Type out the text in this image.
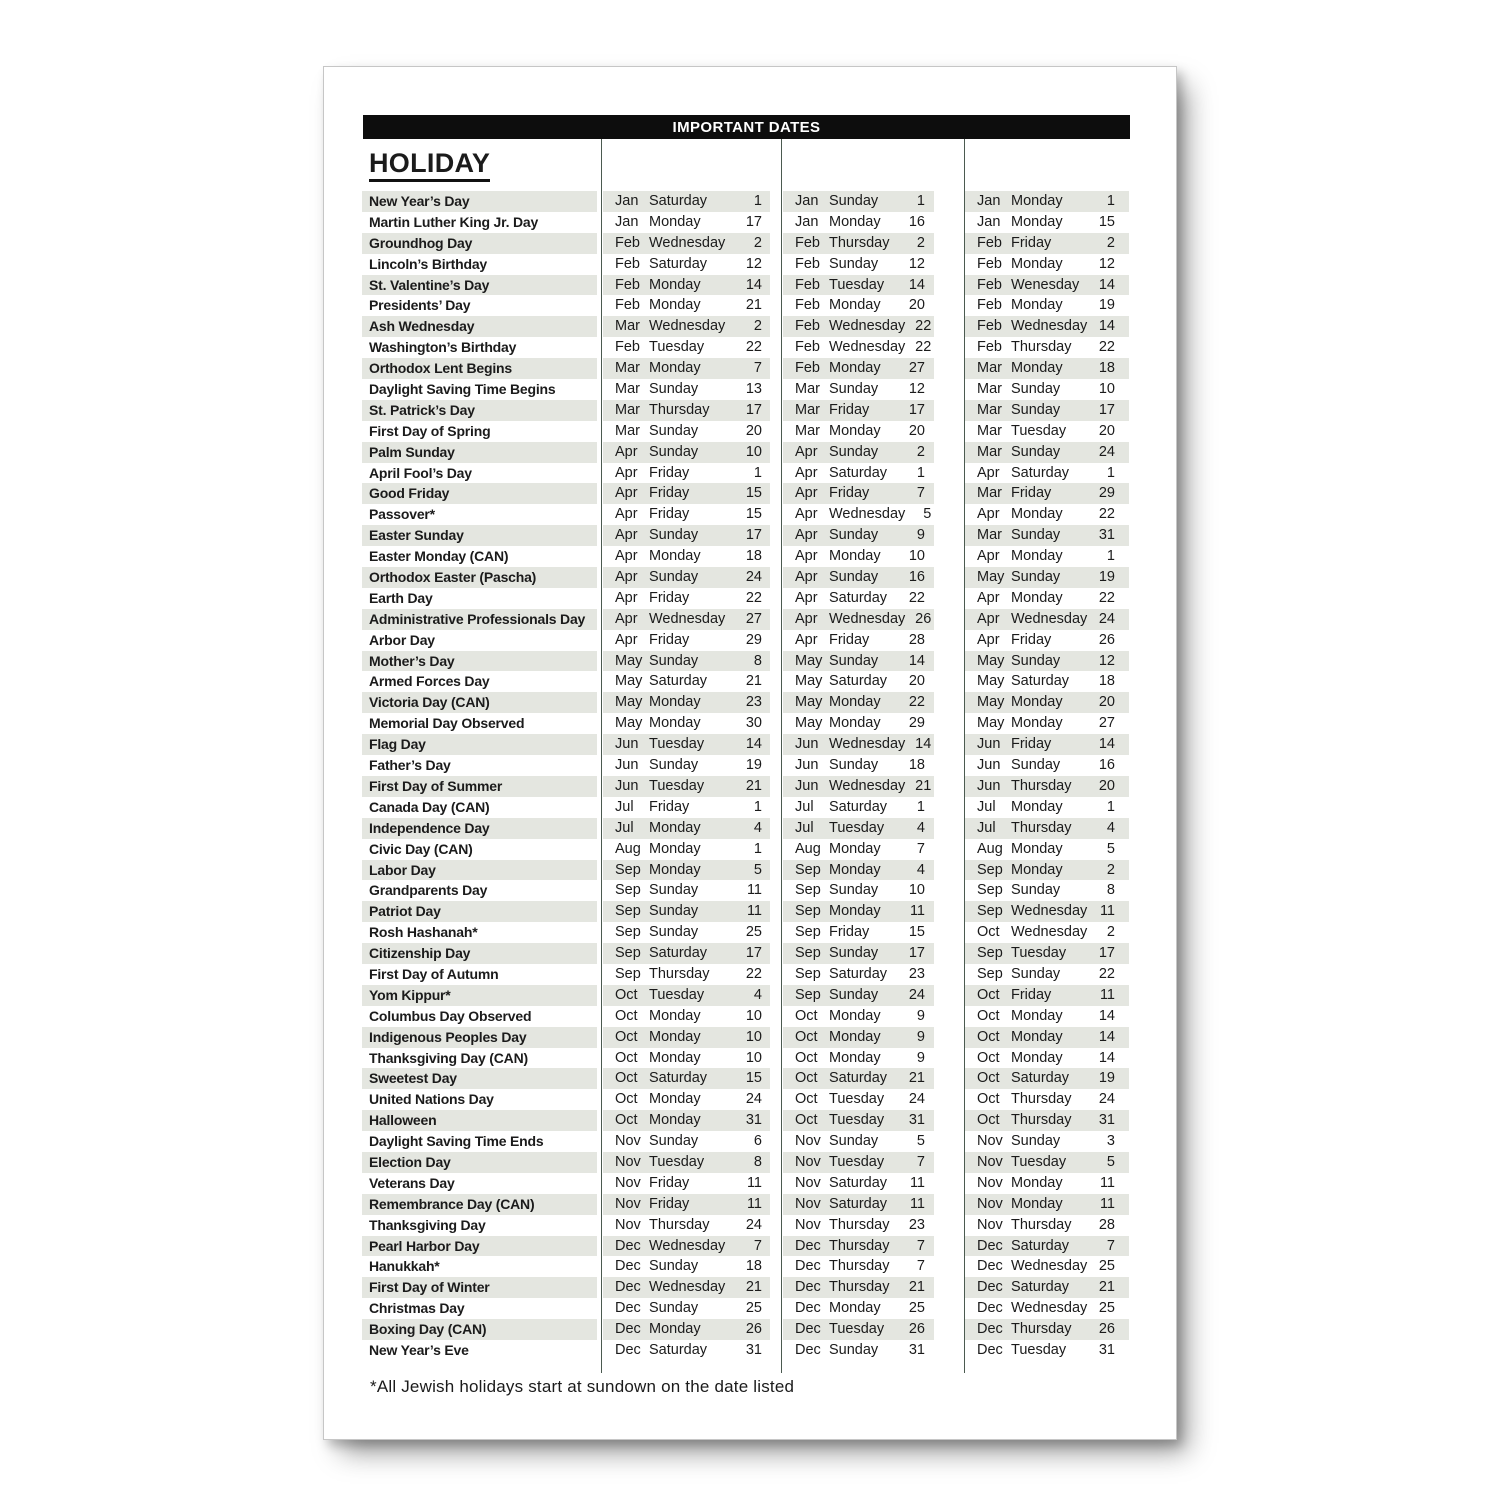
IMPORTANT DATES
HOLIDAY
New Year’s Day	Jan Saturday	1 Jan Sunday	1	Jan Monday	1
Martin Luther King Jr. Day	Jan Monday	17 Jan Monday	16	Jan Monday	15
Groundhog Day	Feb Wednesday	2 Feb Thursday	2	Feb Friday	2
Lincoln’s Birthday	Feb Saturday	12 Feb Sunday	12	Feb Monday	12
St. Valentine’s Day	Feb Monday	14 Feb Tuesday	14	Feb Wenesday	14
Presidents’ Day	Feb Monday	21 Feb Monday	20	Feb Monday	19
Ash Wednesday	Mar Wednesday	2 Feb Wednesday 22	Feb Wednesday 14
Washington’s Birthday	Feb Tuesday	22 Feb Wednesday 22	Feb Thursday	22
Orthodox Lent Begins	Mar Monday	7 Feb Monday	27	Mar Monday	18
Daylight Saving Time Begins	Mar Sunday	13 Mar Sunday	12	Mar Sunday	10
St. Patrick’s Day	Mar Thursday	17 Mar Friday	17	Mar Sunday	17
First Day of Spring	Mar Sunday	20 Mar Monday	20	Mar Tuesday	20
Palm Sunday	Apr Sunday	10 Apr Sunday	2	Mar Sunday	24
April Fool’s Day	Apr Friday	1 Apr Saturday	1	Apr Saturday	1
Good Friday	Apr Friday	15 Apr Friday	7	Mar Friday	29
Passover*	Apr Friday	15 Apr Wednesday	5	Apr Monday	22
Easter Sunday	Apr Sunday	17 Apr Sunday	9	Mar Sunday	31
Easter Monday (CAN)	Apr Monday	18 Apr Monday	10	Apr Monday	1
Orthodox Easter (Pascha)	Apr Sunday	24 Apr Sunday	16	May Sunday	19
Earth Day	Apr Friday	22 Apr Saturday	22	Apr Monday	22
Administrative Professionals Day	Apr Wednesday	27 Apr Wednesday 26	Apr Wednesday 24
Arbor Day	Apr Friday	29 Apr Friday	28	Apr Friday	26
Mother’s Day	May Sunday	8 May Sunday	14	May Sunday	12
Armed Forces Day	May Saturday	21 May Saturday	20	May Saturday	18
Victoria Day (CAN)	May Monday	23 May Monday	22	May Monday	20
Memorial Day Observed	May Monday	30 May Monday	29	May Monday	27
Flag Day	Jun Tuesday	14 Jun Wednesday 14	Jun Friday	14
Father’s Day	Jun Sunday	19 Jun Sunday	18	Jun Sunday	16
First Day of Summer	Jun Tuesday	21 Jun Wednesday 21	Jun Thursday	20
Canada Day (CAN)	Jul	Friday	1 Jul	Saturday	1	Jul	Monday	1
Independence Day	Jul	Monday	4 Jul	Tuesday	4	Jul	Thursday	4
Civic Day (CAN)	Aug Monday	1 Aug Monday	7	Aug Monday	5
Labor Day	Sep Monday	5 Sep Monday	4	Sep Monday	2
Grandparents Day	Sep Sunday	11 Sep Sunday	10	Sep Sunday	8
Patriot Day	Sep Sunday	11 Sep Monday	11	Sep Wednesday 11
Rosh Hashanah*	Sep Sunday	25 Sep Friday	15	Oct Wednesday	2
Citizenship Day	Sep Saturday	17 Sep Sunday	17	Sep Tuesday	17
First Day of Autumn	Sep Thursday	22 Sep Saturday	23	Sep Sunday	22
Yom Kippur*	Oct Tuesday	4 Sep Sunday	24	Oct Friday	11
Columbus Day Observed	Oct Monday	10 Oct Monday	9	Oct Monday	14
Indigenous Peoples Day	Oct Monday	10 Oct Monday	9	Oct Monday	14
Thanksgiving Day (CAN)	Oct Monday	10 Oct Monday	9	Oct Monday	14
Sweetest Day	Oct Saturday	15 Oct Saturday	21	Oct Saturday	19
United Nations Day	Oct Monday	24 Oct Tuesday	24	Oct Thursday	24
Halloween	Oct Monday	31 Oct Tuesday	31	Oct Thursday	31
Daylight Saving Time Ends	Nov Sunday	6 Nov Sunday	5	Nov Sunday	3
Election Day	Nov Tuesday	8 Nov Tuesday	7	Nov Tuesday	5
Veterans Day	Nov Friday	11 Nov Saturday	11	Nov Monday	11
Remembrance Day (CAN)	Nov Friday	11 Nov Saturday	11	Nov Monday	11
Thanksgiving Day	Nov Thursday	24 Nov Thursday	23	Nov Thursday	28
Pearl Harbor Day	Dec Wednesday	7 Dec Thursday	7	Dec Saturday	7
Hanukkah*	Dec Sunday	18 Dec Thursday	7	Dec Wednesday 25
First Day of Winter	Dec Wednesday	21 Dec Thursday	21	Dec Saturday	21
Christmas Day	Dec Sunday	25 Dec Monday	25	Dec Wednesday 25
Boxing Day (CAN)	Dec Monday	26 Dec Tuesday	26	Dec Thursday	26
New Year’s Eve	Dec Saturday	31 Dec Sunday	31	Dec Tuesday	31
*All Jewish holidays start at sundown on the date listed
